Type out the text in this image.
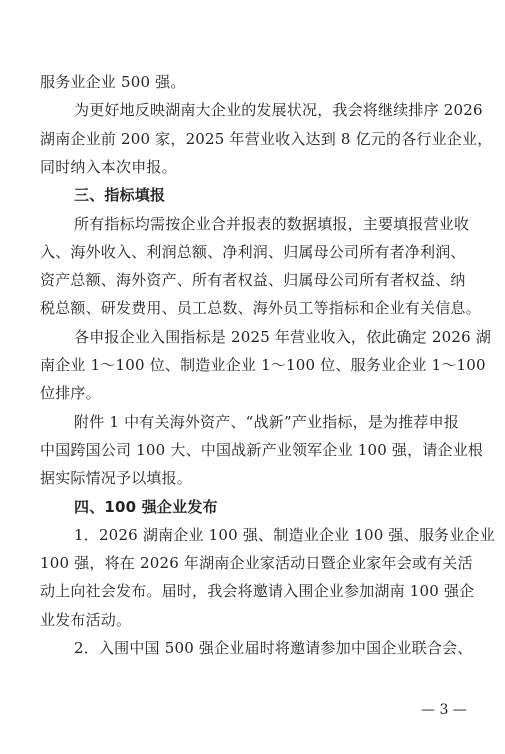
服务业企业 500 强。
为更好地反映湖南大企业的发展状况，我会将继续排序 2026
湖南企业前 200 家，2025 年营业收入达到 8 亿元的各行业企业，
同时纳入本次申报。
三、指标填报
所有指标均需按企业合并报表的数据填报，主要填报营业收
入、海外收入、利润总额、净利润、归属母公司所有者净利润、
资产总额、海外资产、所有者权益、归属母公司所有者权益、纳
税总额、研发费用、员工总数、海外员工等指标和企业有关信息。
各申报企业入围指标是 2025 年营业收入，依此确定 2026 湖
南企业 1～100 位、制造业企业 1～100 位、服务业企业 1～100
位排序。
附件 1 中有关海外资产、“战新”产业指标，是为推荐申报
中国跨国公司 100 大、中国战新产业领军企业 100 强，请企业根
据实际情况予以填报。
四、100 强企业发布
1．2026 湖南企业 100 强、制造业企业 100 强、服务业企业
100 强，将在 2026 年湖南企业家活动日暨企业家年会或有关活
动上向社会发布。届时，我会将邀请入围企业参加湖南 100 强企
业发布活动。
2．入围中国 500 强企业届时将邀请参加中国企业联合会、
— 3 —
